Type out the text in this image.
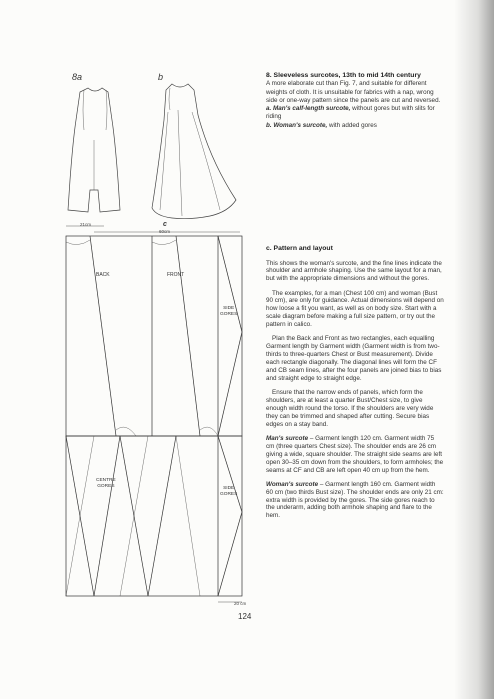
8a	b
c
60cm
21cm
20 cm
BACK	FRONT
SIDE
GORES
CENTRE
GORES	SIDE
GORES

8. Sleeveless surcotes, 13th to mid 14th century

A more elaborate cut than Fig. 7, and suitable for different weights of cloth. It is unsuitable for fabrics with a nap, wrong side or one-way pattern since the panels are cut and reversed.

a. Man's calf-length surcote, without gores but with slits for riding

b. Woman's surcote, with added gores

c. Pattern and layout

This shows the woman's surcote, and the fine lines indicate the shoulder and armhole shaping. Use the same layout for a man, but with the appropriate dimensions and without the gores.

The examples, for a man (Chest 100 cm) and woman (Bust 90 cm), are only for guidance. Actual dimensions will depend on how loose a fit you want, as well as on body size. Start with a scale diagram before making a full size pattern, or try out the pattern in calico.

Plan the Back and Front as two rectangles, each equalling Garment length by Garment width (Garment width is from two-thirds to three-quarters Chest or Bust measurement). Divide each rectangle diagonally. The diagonal lines will form the CF and CB seam lines, after the four panels are joined bias to bias and straight edge to straight edge.

Ensure that the narrow ends of panels, which form the shoulders, are at least a quarter Bust/Chest size, to give enough width round the torso. If the shoulders are very wide they can be trimmed and shaped after cutting. Secure bias edges on a stay band.

Man's surcote – Garment length 120 cm. Garment width 75 cm (three quarters Chest size). The shoulder ends are 26 cm giving a wide, square shoulder. The straight side seams are left open 30–35 cm down from the shoulders, to form armholes; the seams at CF and CB are left open 40 cm up from the hem.

Woman's surcote – Garment length 160 cm. Garment width 60 cm (two thirds Bust size). The shoulder ends are only 21 cm: extra width is provided by the gores. The side gores reach to the underarm, adding both armhole shaping and flare to the hem.

124
